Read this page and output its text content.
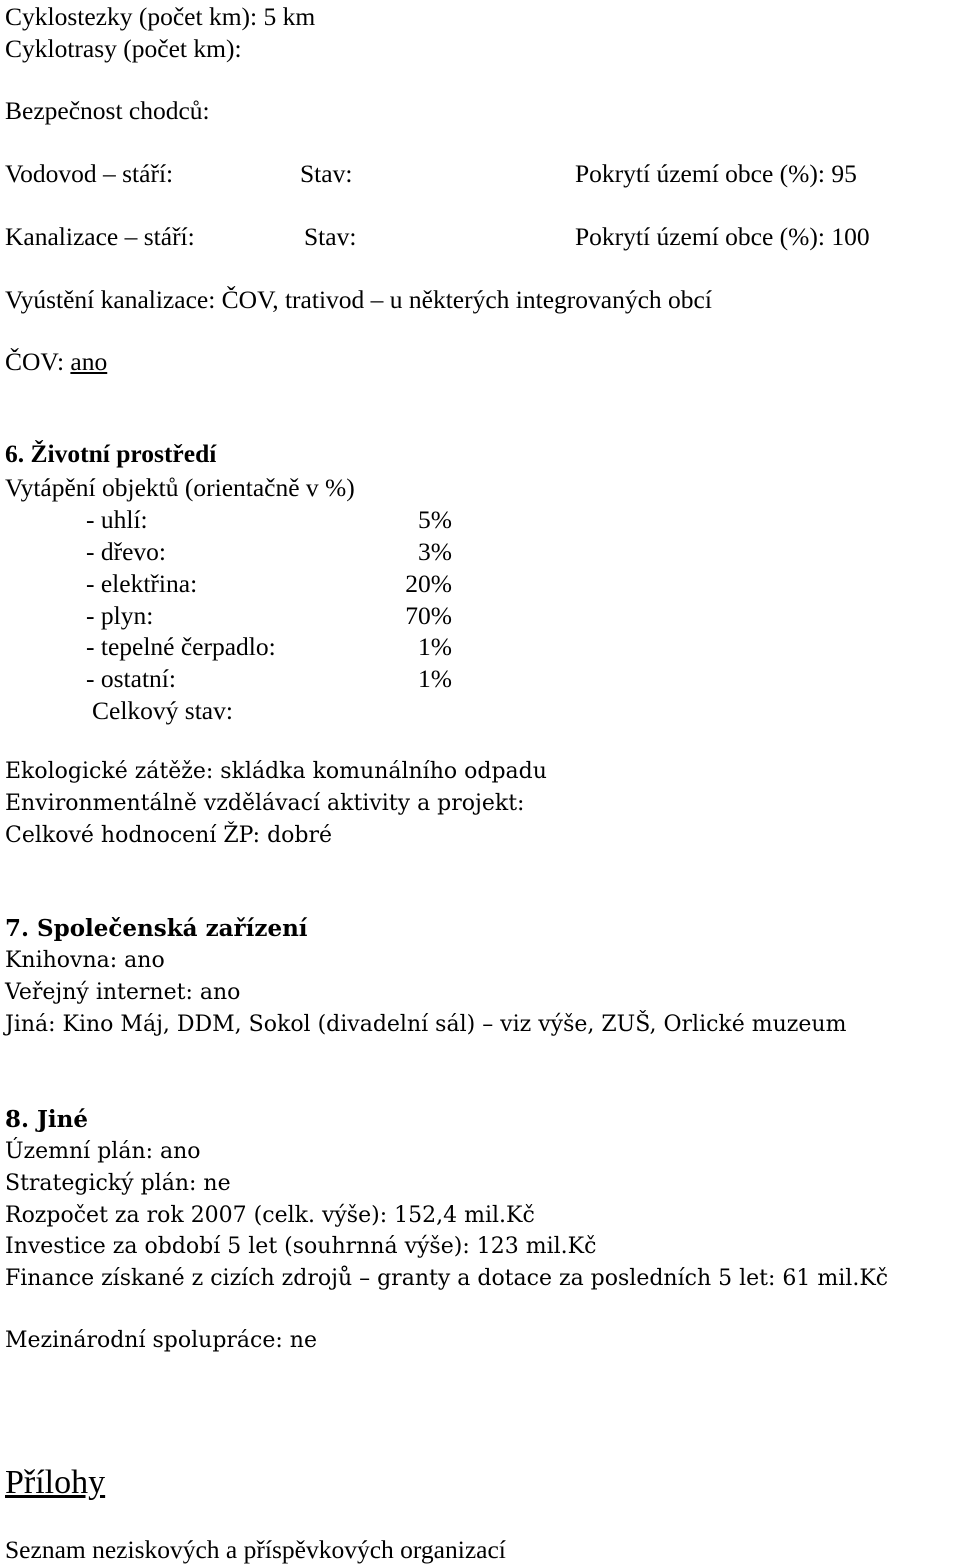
Cyklostezky (počet km): 5 km
Cyklotrasy (počet km):
Bezpečnost chodců:
Vodovod – stáří:	Stav:	Pokrytí území obce (%): 95
Kanalizace – stáří:	Stav:	Pokrytí území obce (%): 100
Vyústění kanalizace: ČOV, trativod – u některých integrovaných obcí
ČOV: ano
6. Životní prostředí
Vytápění objektů (orientačně v %)
- uhlí:	5%
- dřevo:	3%
- elektřina:	20%
- plyn:	70%
- tepelné čerpadlo:	1%
- ostatní:	1%
Celkový stav:
Ekologické zátěže: skládka komunálního odpadu
Environmentálně vzdělávací aktivity a projekt:
Celkové hodnocení ŽP: dobré
7. Společenská zařízení
Knihovna: ano
Veřejný internet: ano
Jiná: Kino Máj, DDM, Sokol (divadelní sál) – viz výše, ZUŠ, Orlické muzeum
8. Jiné
Územní plán: ano
Strategický plán: ne
Rozpočet za rok 2007 (celk. výše): 152,4 mil.Kč
Investice za období 5 let (souhrnná výše): 123 mil.Kč
Finance získané z cizích zdrojů – granty a dotace za posledních 5 let: 61 mil.Kč
Mezinárodní spolupráce: ne
Přílohy
Seznam neziskových a příspěvkových organizací
